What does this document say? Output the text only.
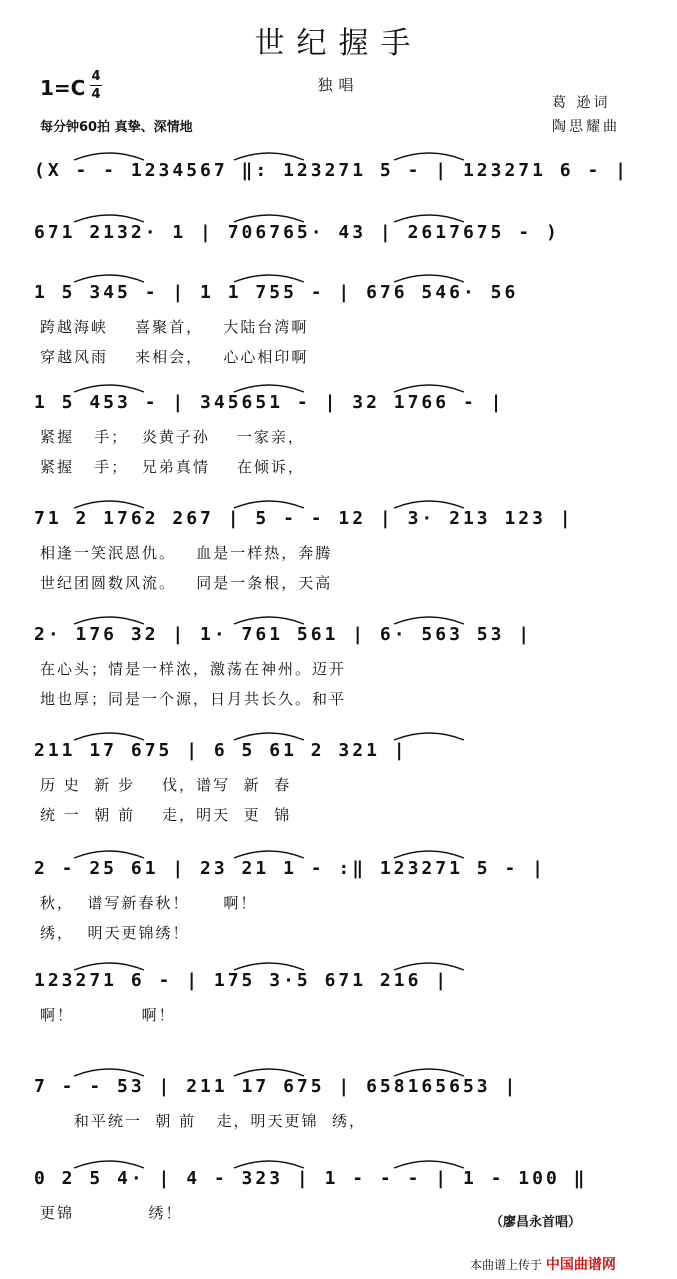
世纪握手
独唱
1=C 4
4
每分钟60拍 真挚、深情地
葛 逊词
陶思耀曲
(X - - 1234567 ‖: 123271 5 - | 123271 6 - |
671 2132· 1 | 706765· 43 | 2617675 - )
1 5 345 - | 1 1 755 - | 676 546· 56
跨越海峡    喜聚首，   大陆台湾啊
穿越风雨    来相会，   心心相印啊
1 5 453 - | 345651 - | 32 1766 - |
紧握   手；  炎黄子孙    一家亲，
紧握   手；  兄弟真情    在倾诉，
71 2 1762 267 | 5 - - 12 | 3· 213 123 |
相逢一笑泯恩仇。   血是一样热，奔腾
世纪团圆数风流。   同是一条根，天高
2· 176 32 | 1· 761 561 | 6· 563 53 |
在心头；情是一样浓，激荡在神州。迈开
地也厚；同是一个源，日月共长久。和平
211 17 675 | 6 5 61 2 321 |
历 史  新 步    伐，谱写  新  春
统 一  朝 前    走，明天  更  锦
2 - 25 61 | 23 21 1 - :‖ 123271 5 - |
秋，  谱写新春秋！     啊！
绣，  明天更锦绣！
123271 6 - | 175 3·5 671 216 |
啊！          啊！
7 - - 53 | 211 17 675 | 658165653 |
和平统一  朝 前   走，明天更锦  绣，
0 2 5 4· | 4 - 323 | 1 - - - | 1 - 100 ‖
更锦           绣！
（廖昌永首唱）
本曲谱上传于 中国曲谱网
